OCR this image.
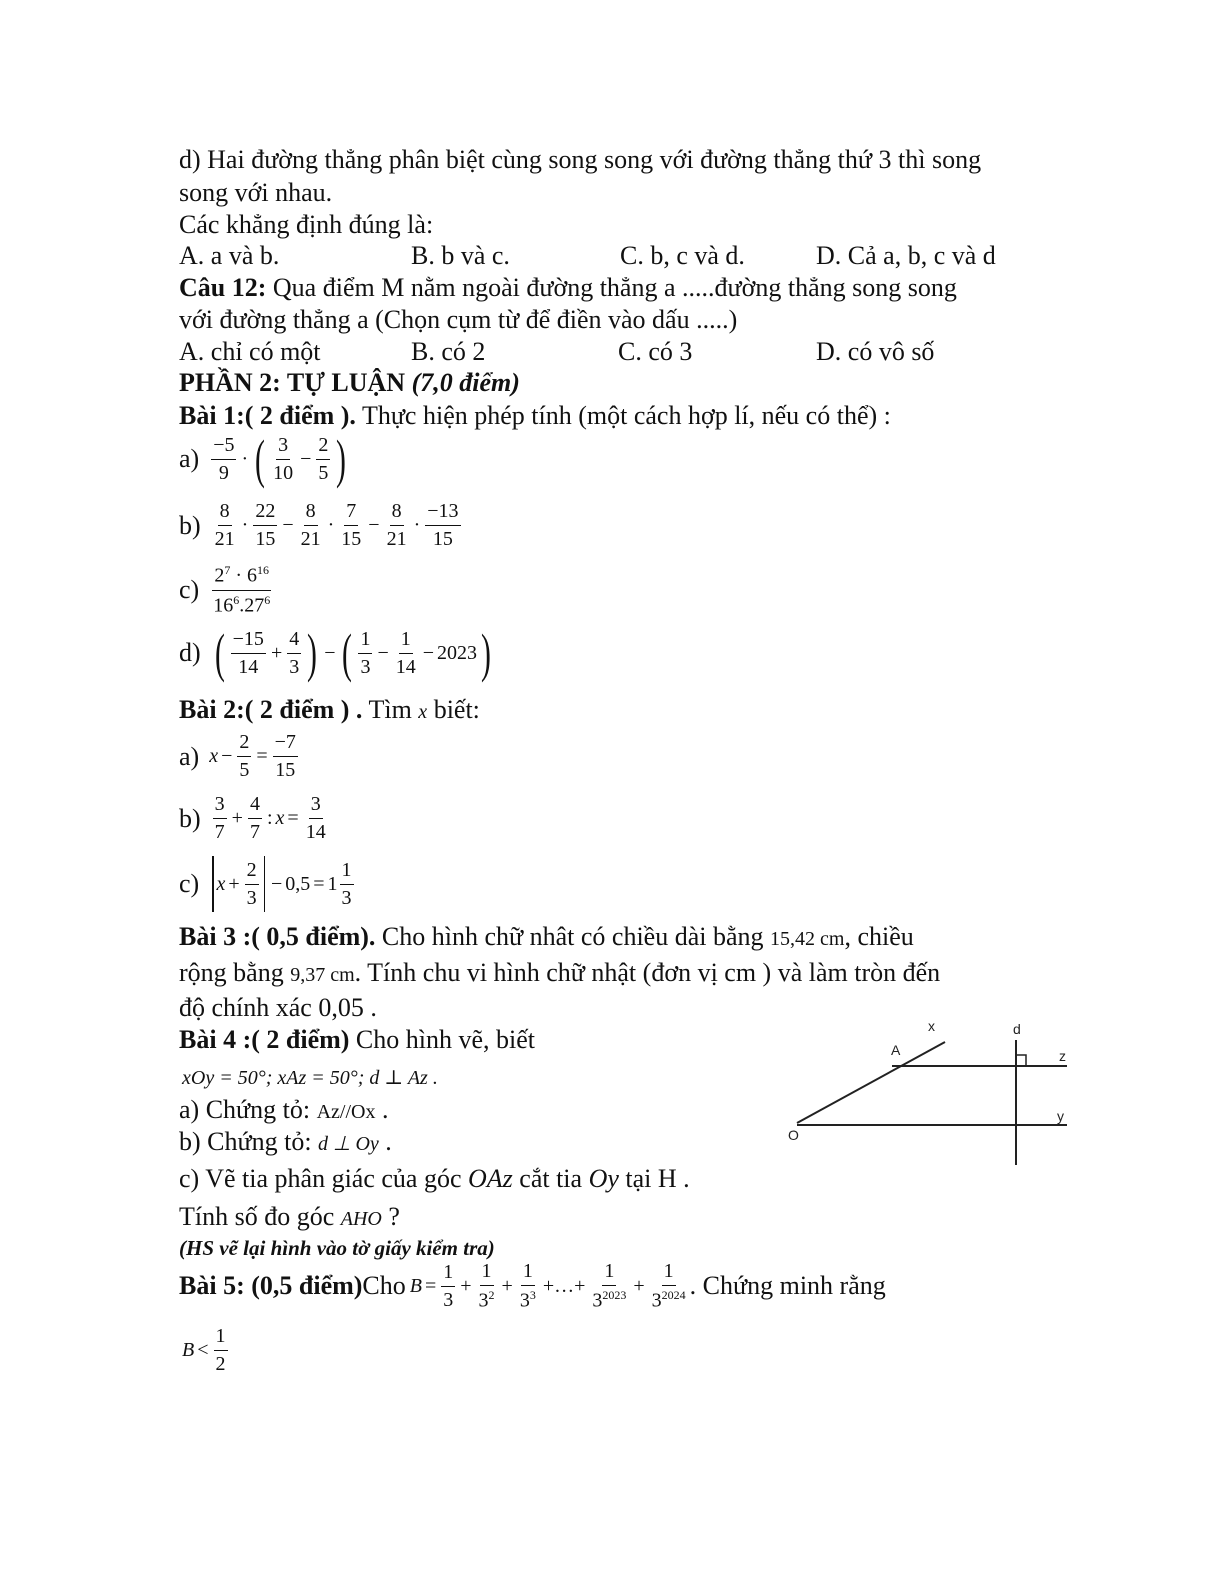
d) Hai đường thẳng phân biệt cùng song song với đường thẳng thứ 3 thì song
song với nhau.
Các khẳng định đúng là:
A. a và b.	B. b và c.	C. b, c và d.	D. Cả a, b, c và d
Câu 12: Qua điểm M nằm ngoài đường thẳng a .....đường thẳng song song
với đường thẳng a (Chọn cụm từ để điền vào dấu .....)
A. chỉ có một	B. có 2	C. có 3	D. có vô số
PHẦN 2: TỰ LUẬN (7,0 điểm)
Bài 1:( 2 điểm ). Thực hiện phép tính (một cách hợp lí, nếu có thể) :
$a) \frac{-5}{9}$ · ( $\frac{3}{10} - \frac{2}{5}$ )
$b) \frac{8}{21} \cdot \frac{22}{15} - \frac{8}{21} \cdot \frac{7}{15} - \frac{8}{21} \cdot \frac{-13}{15}$
$c) \frac{2^7 \cdot 6^{16}}{16^6.27^6}$
d) ( $\frac{-15}{14} + \frac{4}{3}$ ) − ( $\frac{1}{3} - \frac{1}{14} - 2023$ )
Bài 2:( 2 điểm ) . Tìm x biết:
a) $x - \frac{2}{5} = \frac{-7}{15}$
$b) \frac{3}{7} + \frac{4}{7}$ : $x = \frac{3}{14}$
c) $x + \frac{2}{3} - 0,5 = 1 \frac{1}{3}$
Bài 3 :( 0,5 điểm). Cho hình chữ nhât có chiều dài bằng 15,42 cm, chiều
rộng bằng 9,37 cm. Tính chu vi hình chữ nhật (đơn vị cm ) và làm tròn đến
độ chính xác 0,05 .
Bài 4 :( 2 điểm) Cho hình vẽ, biết
xOy = 50°; xAz = 50°; d ⊥ Az .
a) Chứng tỏ: Az//Ox .
b) Chứng tỏ: d ⊥ Oy .
c) Vẽ tia phân giác của góc OAz cắt tia Oy tại H .
Tính số đo góc AHO ?
(HS vẽ lại hình vào tờ giấy kiểm tra)
x	d
A	z
y
O
Bài 5: (0,5 điểm) Cho $B = \frac{1}{3} + \frac{1}{3^2} + \frac{1}{3^3}$ +…+ $\frac{1}{3^{2023}} + \frac{1}{3^{2024}}$ . Chứng minh rằng
$B < \frac{1}{2}$
